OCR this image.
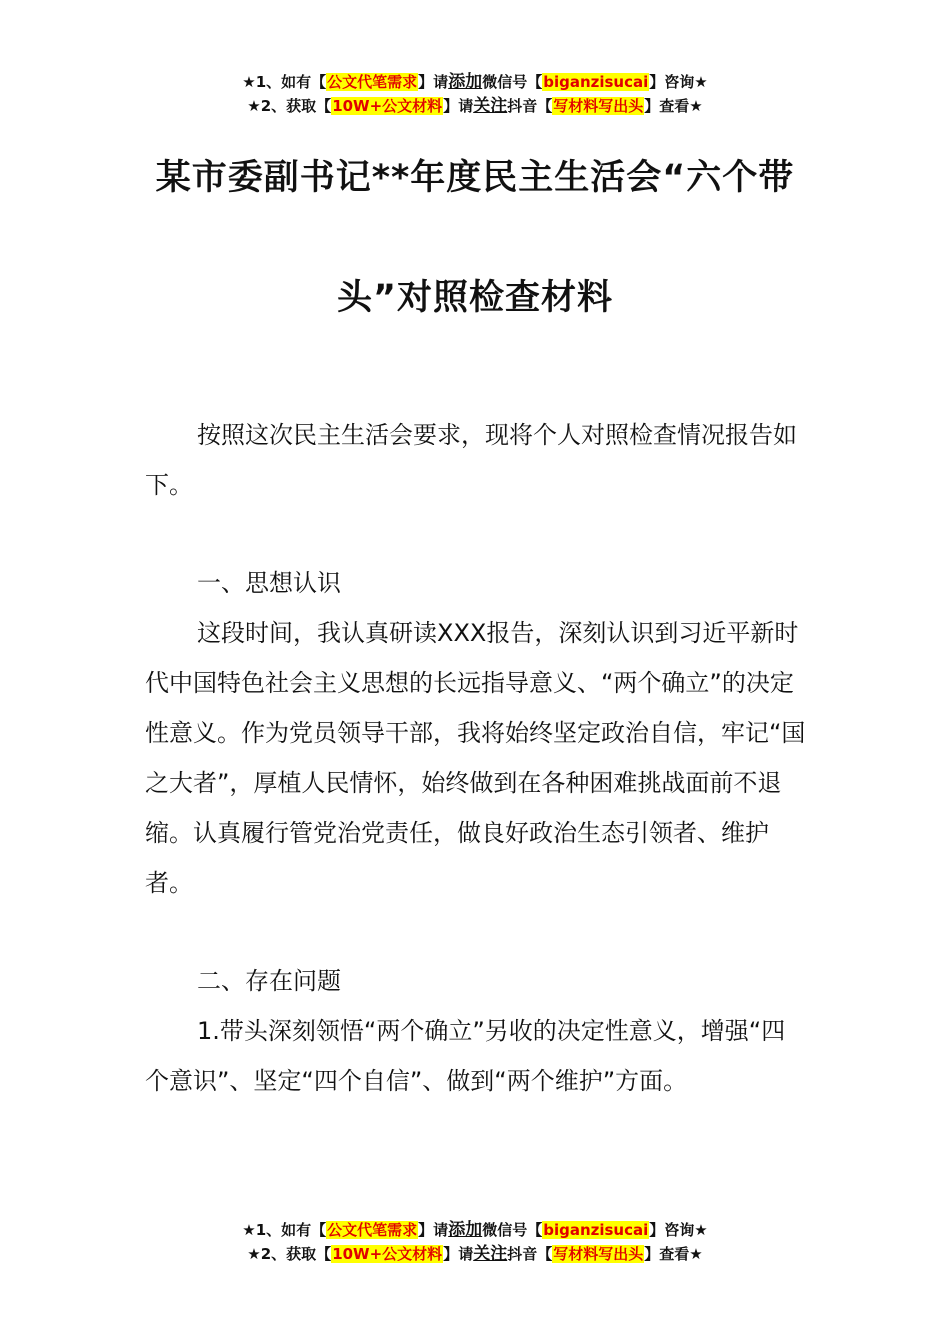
★1、如有【公文代笔需求】请添加微信号【biganzisucai】咨询★
★2、获取【10W+公文材料】请关注抖音【写材料写出头】查看★
某市委副书记**年度民主生活会“六个带
头”对照检查材料
按照这次民主生活会要求，现将个人对照检查情况报告如下。
一、思想认识
这段时间，我认真研读XXX报告，深刻认识到习近平新时代中国特色社会主义思想的长远指导意义、“两个确立”的决定性意义。作为党员领导干部，我将始终坚定政治自信，牢记“国之大者”，厚植人民情怀，始终做到在各种困难挑战面前不退缩。认真履行管党治党责任，做良好政治生态引领者、维护者。
二、存在问题
1.带头深刻领悟“两个确立”另收的决定性意义，增强“四个意识”、坚定“四个自信”、做到“两个维护”方面。
★1、如有【公文代笔需求】请添加微信号【biganzisucai】咨询★
★2、获取【10W+公文材料】请关注抖音【写材料写出头】查看★
